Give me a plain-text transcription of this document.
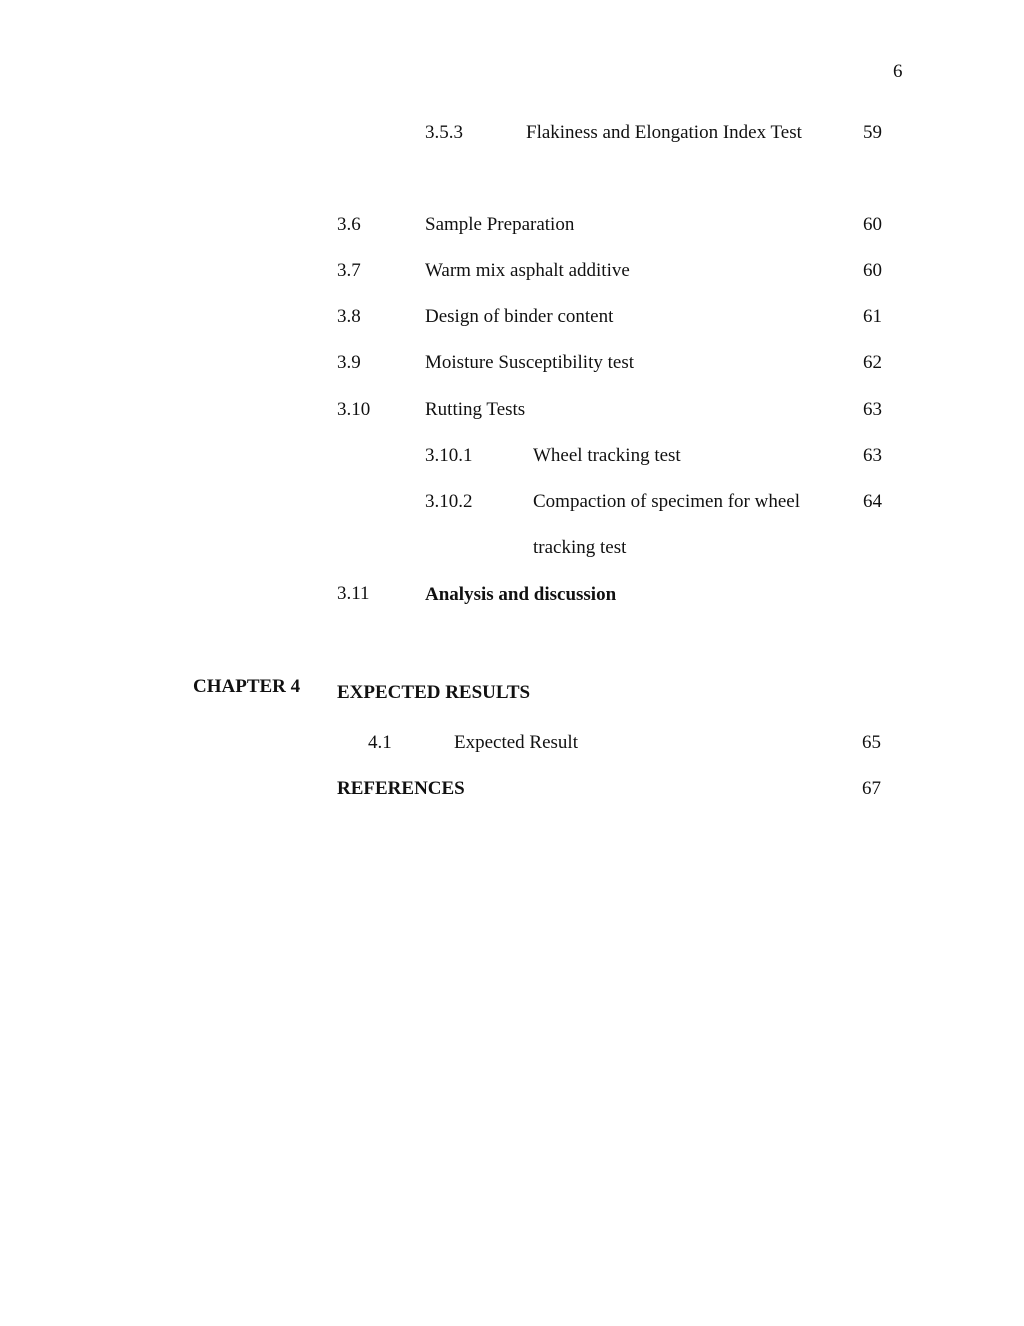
6
3.5.3	Flakiness and Elongation Index Test	59
3.6	Sample Preparation	60
3.7	Warm mix asphalt additive	60
3.8	Design of binder content	61
3.9	Moisture Susceptibility test	62
3.10	Rutting Tests	63
3.10.1	Wheel tracking test	63
3.10.2	Compaction of specimen for wheel	64
tracking test
3.11	Analysis and discussion
CHAPTER 4 EXPECTED RESULTS
4.1	Expected Result	65
REFERENCES	67
